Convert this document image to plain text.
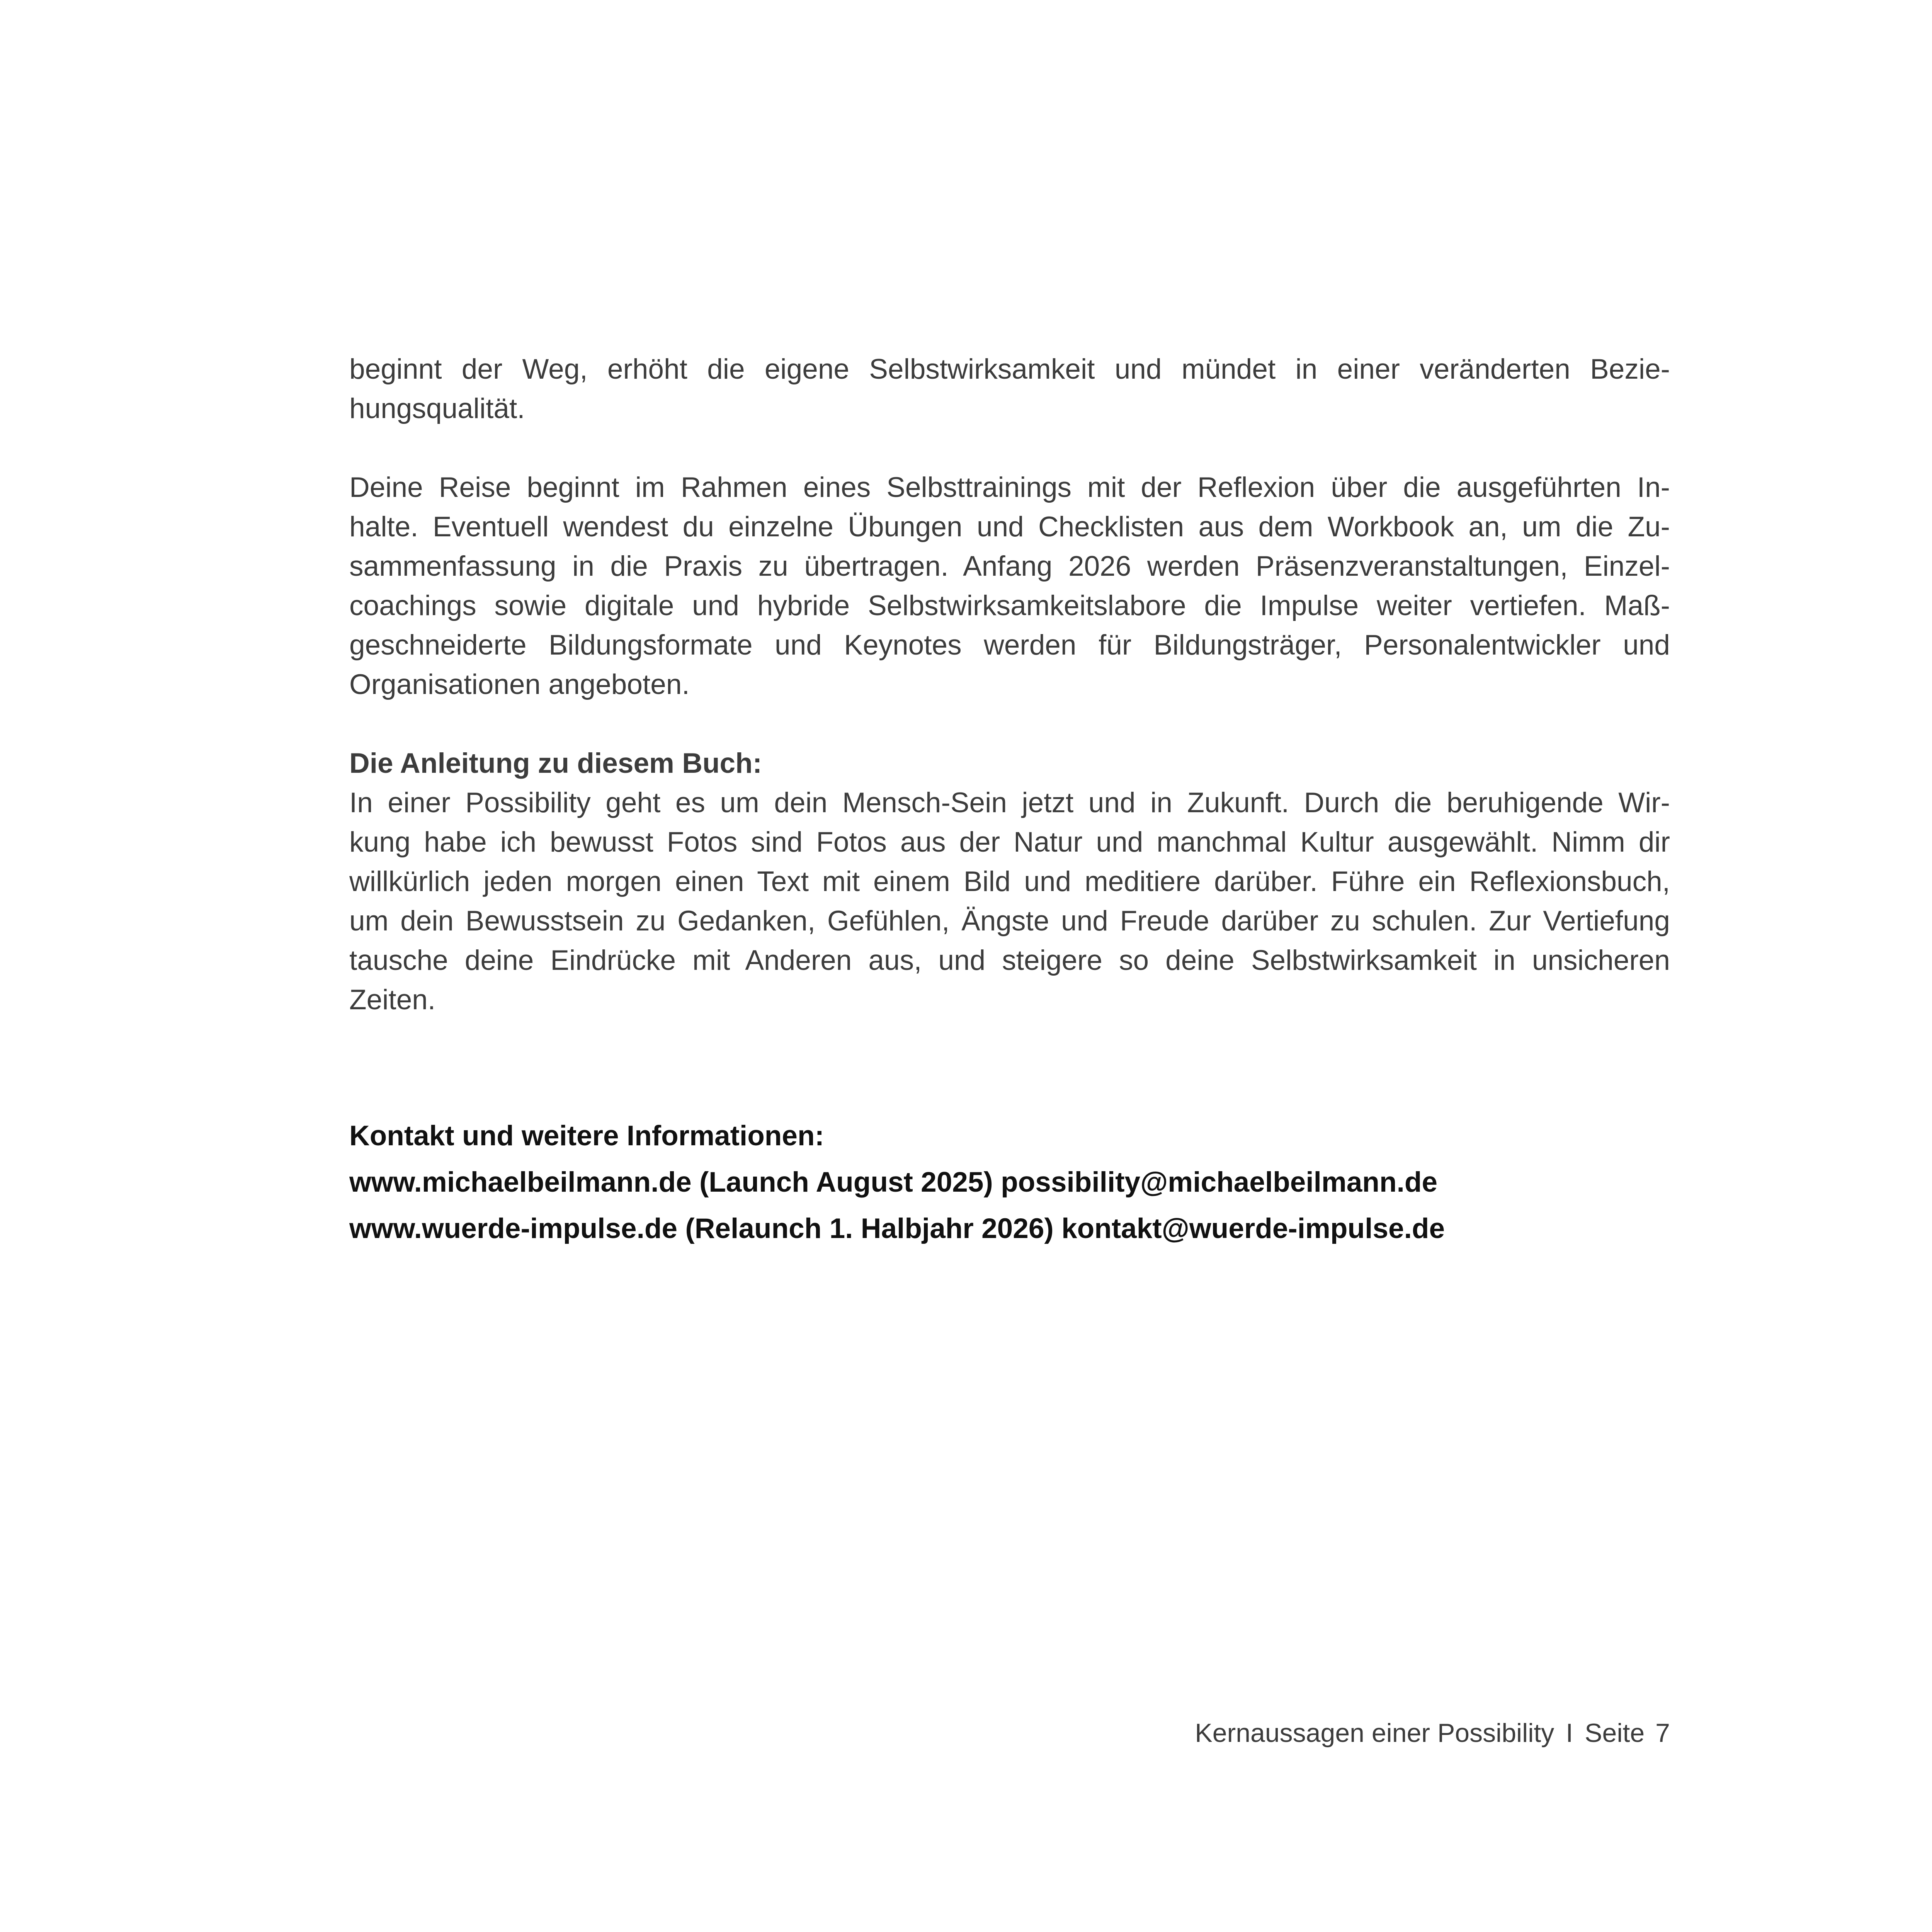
beginnt der Weg, erhöht die eigene Selbstwirksamkeit und mündet in einer veränderten Bezie-
hungsqualität.

Deine Reise beginnt im Rahmen eines Selbsttrainings mit der Reflexion über die ausgeführten In-
halte. Eventuell wendest du einzelne Übungen und Checklisten aus dem Workbook an, um die Zu-
sammenfassung in die Praxis zu übertragen. Anfang 2026 werden Präsenzveranstaltungen, Einzel-
coachings sowie digitale und hybride Selbstwirksamkeitslabore die Impulse weiter vertiefen. Maß-
geschneiderte Bildungsformate und Keynotes werden für Bildungsträger, Personalentwickler und
Organisationen angeboten.

Die Anleitung zu diesem Buch:

In einer Possibility geht es um dein Mensch-Sein jetzt und in Zukunft. Durch die beruhigende Wir-
kung habe ich bewusst Fotos sind Fotos aus der Natur und manchmal Kultur ausgewählt. Nimm dir
willkürlich jeden morgen einen Text mit einem Bild und meditiere darüber. Führe ein Reflexionsbuch,
um dein Bewusstsein zu Gedanken, Gefühlen, Ängste und Freude darüber zu schulen. Zur Vertiefung
tausche deine Eindrücke mit Anderen aus, und steigere so deine Selbstwirksamkeit in unsicheren
Zeiten.

Kontakt und weitere Informationen:
www.michaelbeilmann.de (Launch August 2025) possibility@michaelbeilmann.de
www.wuerde-impulse.de (Relaunch 1. Halbjahr 2026) kontakt@wuerde-impulse.de
Kernaussagen einer Possibility I Seite 7
